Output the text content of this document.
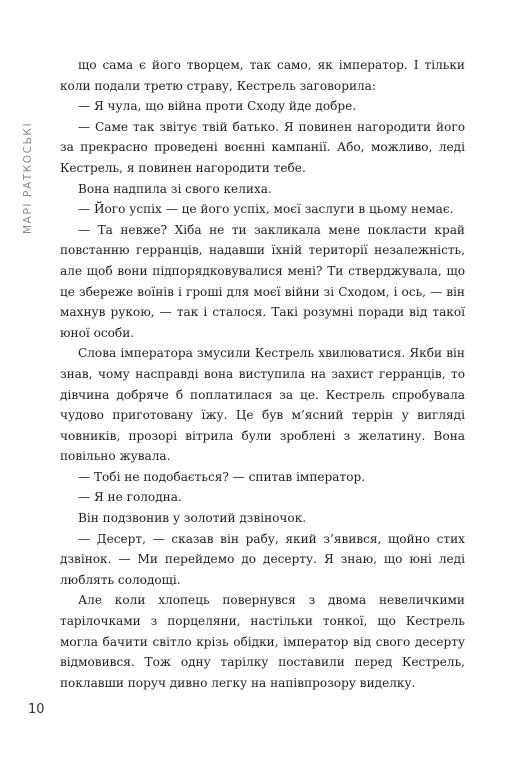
МАРІ РАТКОСЬКІ

що сама є його творцем, так само, як імператор. І тільки коли подали третю страву, Кестрель заговорила:

— Я чула, що війна проти Сходу йде добре.

— Саме так звітує твій батько. Я повинен нагородити його за прекрасно проведені воєнні кампанії. Або, можливо, леді Кестрель, я повинен нагородити тебе.

Вона надпила зі свого келиха.

— Його успіх — це його успіх, моєї заслуги в цьому немає.

— Та невже? Хіба не ти закликала мене покласти край повстанню герранців, надавши їхній території незалежність, але щоб вони підпорядковувалися мені? Ти стверджувала, що це збереже воїнів і гроші для моєї війни зі Сходом, і ось, — він махнув рукою, — так і сталося. Такі розумні поради від такої юної особи.

Слова імператора змусили Кестрель хвилюватися. Якби він знав, чому насправді вона виступила на захист герранців, то дівчина добряче б поплатилася за це. Кестрель спробувала чудово приготовану їжу. Це був м’ясний террін у вигляді човників, прозорі вітрила були зроблені з желатину. Вона повільно жувала.

— Тобі не подобається? — спитав імператор.

— Я не голодна.

Він подзвонив у золотий дзвіночок.

— Десерт, — сказав він рабу, який з’явився, щойно стих дзвінок. — Ми перейдемо до десерту. Я знаю, що юні леді люблять солодощі.

Але коли хлопець повернувся з двома невеличкими тарілочками з порцеляни, настільки тонкої, що Кестрель могла бачити світло крізь обідки, імператор від свого десерту відмовився. Тож одну тарілку поставили перед Кестрель, поклавши поруч дивно легку на напівпрозору виделку.

10
